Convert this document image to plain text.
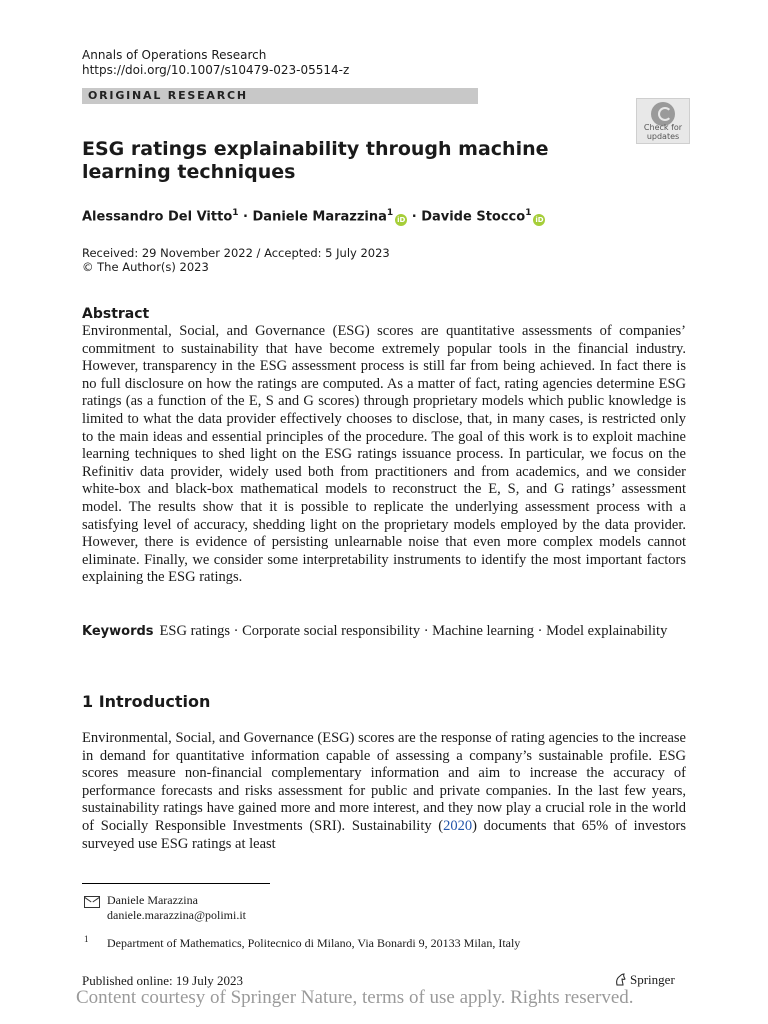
Annals of Operations Research
https://doi.org/10.1007/s10479-023-05514-z
ORIGINAL RESEARCH
Check for
updates
ESG ratings explainability through machine learning techniques
Alessandro Del Vitto$^1$ · Daniele Marazzina$^1$iD · Davide Stocco$^1$iD
Received: 29 November 2022 / Accepted: 5 July 2023
© The Author(s) 2023
Abstract
Environmental, Social, and Governance (ESG) scores are quantitative assessments of companies’ commitment to sustainability that have become extremely popular tools in the financial industry. However, transparency in the ESG assessment process is still far from being achieved. In fact there is no full disclosure on how the ratings are computed. As a matter of fact, rating agencies determine ESG ratings (as a function of the E, S and G scores) through proprietary models which public knowledge is limited to what the data provider effectively chooses to disclose, that, in many cases, is restricted only to the main ideas and essential principles of the procedure. The goal of this work is to exploit machine learning techniques to shed light on the ESG ratings issuance process. In particular, we focus on the Refinitiv data provider, widely used both from practitioners and from academics, and we consider white-box and black-box mathematical models to reconstruct the E, S, and G ratings’ assessment model. The results show that it is possible to replicate the underlying assessment process with a satisfying level of accuracy, shedding light on the proprietary models employed by the data provider. However, there is evidence of persisting unlearnable noise that even more complex models cannot eliminate. Finally, we consider some interpretability instruments to identify the most important factors explaining the ESG ratings.
Keywords ESG ratings · Corporate social responsibility · Machine learning · Model explainability
1 Introduction
Environmental, Social, and Governance (ESG) scores are the response of rating agencies to the increase in demand for quantitative information capable of assessing a company’s sustainable profile. ESG scores measure non-financial complementary information and aim to increase the accuracy of performance forecasts and risks assessment for public and private companies. In the last few years, sustainability ratings have gained more and more interest, and they now play a crucial role in the world of Socially Responsible Investments (SRI). Sustainability (2020) documents that 65% of investors surveyed use ESG ratings at least
Daniele Marazzina
daniele.marazzina@polimi.it
1 Department of Mathematics, Politecnico di Milano, Via Bonardi 9, 20133 Milan, Italy
Published online: 19 July 2023	Springer
Content courtesy of Springer Nature, terms of use apply. Rights reserved.
